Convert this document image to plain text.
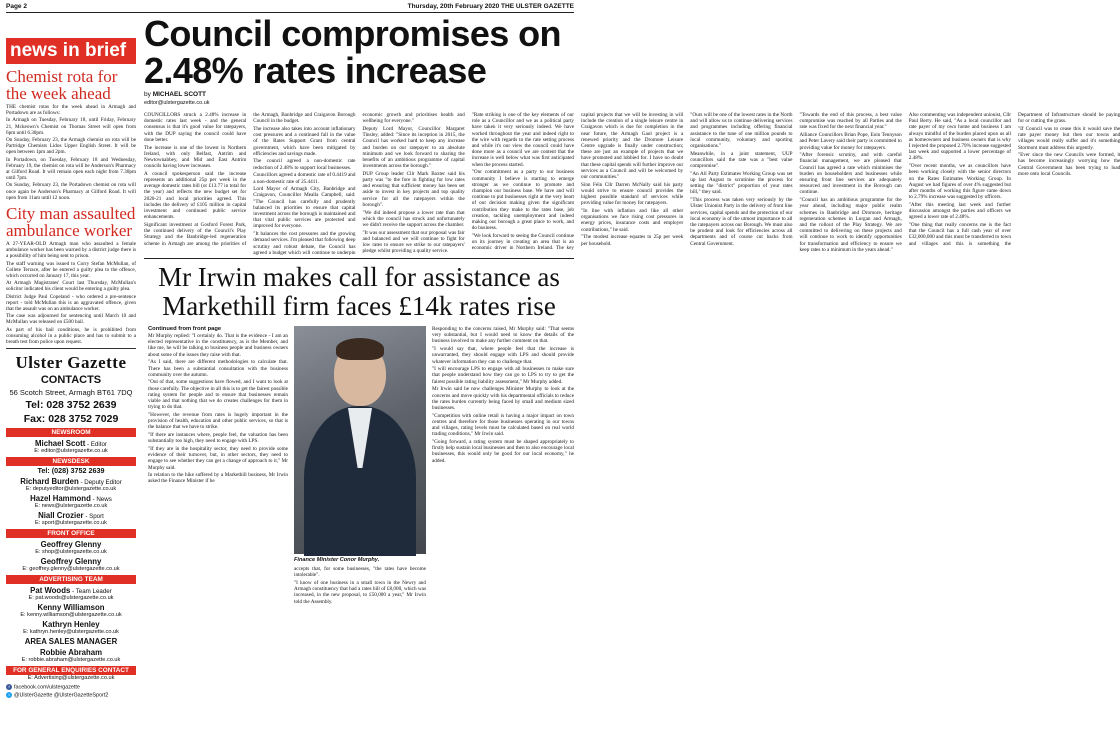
Page 2	Thursday, 20th February 2020 THE ULSTER GAZETTE
news in brief
Chemist rota for the week ahead

THE chemist rotas for the week ahead in Armagh and Portadown are as follows:

In Armagh on Tuesday, February 18, until Friday, February 21, Mckeown's Chemist on Thomas Street will open from 6pm until 6.30pm.

On Sunday, February 23, the Armagh chemist on rota will be Partridge Chemists Lidos Upper English Street. It will be open between 1pm and 2pm.

In Portadown, on Tuesday, February 18 and Wednesday, February 19, the chemist on rota will be Anderson's Pharmacy at Gilford Road. It will remain open each night from 7.30pm until 7pm.

On Sunday, February 23, the Portadown chemist on rota will once again be Anderson's Pharmacy at Gilford Road. It will open from 11am until 12 noon.

City man assaulted ambulance worker

A 27-YEAR-OLD Armagh man who assaulted a female ambulance worker has been warned by a district judge there is a possibility of him being sent to prison.

The staff warning was issued to Corry Stefan McMullan, of Collete Terrace, after he entered a guilty plea to the offence, which occurred on January 17, this year.

At Armagh Magistrates' Court last Thursday, McMullan's solicitor indicated his client would be entering a guilty plea.

District Judge Paul Copeland - who ordered a pre-sentence report - told McMullan this is an aggravated offence, given that the assault was on an ambulance worker.

The case was adjourned for sentencing until March 10 and McMullan was released on £500 bail.

As part of his bail conditions, he is prohibited from consuming alcohol in a public place and has to submit to a breath test from police upon request.

Ulster Gazette
CONTACTS
56 Scotch Street, Armagh BT61 7DQ
Tel: 028 3752 2639
Fax: 028 3752 7029
NEWSROOM
Michael Scott - Editor
E: editor@ulstergazette.co.uk
NEWSDESK
Tel: (028) 3752 2639
Richard Burden - Deputy Editor
E: deputyeditor@ulstergazette.co.uk
Hazel Hammond - News
E: news@ulstergazette.co.uk
Niall Crozier - Sport
E: sport@ulstergazette.co.uk
FRONT OFFICE
Geoffrey Glenny
E: shop@ulstergazette.co.uk
Geoffrey Glenny
E: geoffrey.glenny@ulstergazette.co.uk
ADVERTISING TEAM
Pat Woods - Team Leader
E: pat.woods@ulstergazette.co.uk
Kenny Williamson
E: kenny.williamson@ulstergazette.co.uk
Kathryn Henley
E: kathryn.henley@ulstergazette.co.uk
AREA SALES MANAGER
Robbie Abraham
E: robbie.abraham@ulstergazette.co.uk
FOR GENERAL ENQUIRIES CONTACT
E: Advertising@ulstergazette.co.uk
f facebook.com/ulstergazette
t @UlsterGazette @UlsterGazetteSport2
Council compromises on 2.48% rates increase
by MICHAEL SCOTT
editor@ulstergazette.co.uk

COUNCILLORS struck a 2.48% increase in domestic rates last week - and the general consensus is that it's good value for ratepayers, with the DUP saying the council could have done better.

The increase is one of the lowest in Northern Ireland, with only Belfast, Antrim and Newtownabbey, and Mid and East Antrim councils having lower increases.

A council spokesperson said the increase represents an additional 25p per week in the average domestic rates bill (or £13.77 in total for the year) and reflects the new budget set for 2020-21 and local priorities agreed. This includes the delivery of £105 million in capital investment and continued public service enhancements.

Significant investment at Gosford Forest Park, the continued delivery of the Council's Play Strategy and the Banbridge-led regeneration scheme in Armagh are among the priorities of the Armagh, Banbridge and Craigavon Borough Council in the budget.

The increase also takes into account inflationary cost pressures and a continued fall in the value of the Rates Support Grant from central government, which have been mitigated by efficiencies and savings made.

The council agreed a non-domestic rate reduction of 2.48% to support local businesses.

Councillors agreed a domestic rate of 0.4419 and a non-domestic rate of 25.4411.

Lord Mayor of Armagh City, Banbridge and Craigavon, Councillor Mealla Campbell, said: "The Council has carefully and prudently balanced its priorities to ensure that capital investment across the borough is maintained and that vital public services are protected and improved for everyone.

"It balances the cost pressures and the growing demand services. I'm pleased that following deep scrutiny and robust debate, the Council has agreed a budget which will continue to underpin economic growth and prioritises health and wellbeing for everyone."

Deputy Lord Mayor, Councillor Margaret Tinsley, added: "Since its inception in 2015, the Council has worked hard to keep any increase and burden on our ratepayer to an absolute minimum and we look forward to sharing the benefits of an ambitious programme of capital investments across the borough."

DUP Group leader Cllr Mark Baxter said his party was "to the fore in fighting for low rates and ensuring that sufficient money has been set aside to invest in key projects and top quality service for all the ratepayers within the borough".

"We did indeed propose a lower rate than that which the council has struck and unfortunately we didn't receive the support across the chamber.

"It was our assessment that our proposal was fair and balanced and we will continue to fight for low rates to ensure we strike to our ratepayers' pledge whilst providing a quality service.

"Rate striking is one of the key elements of our role as a Councillor and we as a political party have taken it very seriously indeed. We have worked throughout the year and indeed right to the wire with regards to the rate setting process and while it's our view the council could have done more as a council we are content that the increase is well below what was first anticipated when the process started.

"Our commitment as a party to our business community I believe is starting to emerge stronger as we continue to promote and champion our business base. We have and will continue to put businesses right at the very heart of our decision making given the significant contribution they make to the rates base, job creation, tackling unemployment and indeed making our borough a great place to work, and do business.

"We look forward to seeing the Council continue on its journey in creating an area that is an economic driver in Northern Ireland. The key capital projects that we will be investing in will include the creation of a single leisure centre in Craigavon which is due for completion in the near future, the Armagh Gaol project is a renewed priority and the Dromore Leisure Centre upgrade is finally under construction; these are just an example of projects that we have promoted and lobbied for. I have no doubt that these capital spends will further improve our services as a Council and will be welcomed by our communities."

Sinn Féin Cllr Darren McNally said his party would strive to ensure council provides the highest possible standard of services while providing value for money for ratepayers.

"In line with inflation and like all other organisations we face rising cost pressures in energy prices, insurance costs and employer contributions," he said.

"The modest increase equates to 25p per week per household.

"Ours will be one of the lowest rates in the North and will allow us to continue delivering services and programmes including offering financial assistance to the tune of one million pounds to local community, voluntary and sporting organisations."

Meanwhile, in a joint statement, UUP councillors said the rate was a "best value compromise".

"An All Party Estimates Working Group was set up last August to scrutinise the process for setting the "district" proportion of your rates bill," they said.

"This process was taken very seriously by the Ulster Unionist Party in the delivery of front line services, capital spends and the protection of our local economy is of the utmost importance to all the ratepayers across our Borough. We must also be prudent and look for efficiencies across all departments and of course cut backs from Central Government.

"Towards the end of this process, a best value compromise was reached by all Parties and the rate was fixed for the next financial year."

Alliance Councillors Brian Pope, Eoin Tennyson and Peter Lavery said their party is committed to providing value for money for ratepayers.

"After forensic scrutiny, and with careful financial management, we are pleased that Council has agreed a rate which minimises the burden on householders and businesses while ensuring front line services are adequately resourced and investment in the Borough can continue.

"Council has an ambitious programme for the year ahead, including major public realm schemes in Banbridge and Dromore, heritage regeneration schemes in Lurgan and Armagh, and the rollout of the Play Strategy. We are committed to delivering on these projects and will continue to work to identify opportunities for transformation and efficiency to ensure we keep rates to a minimum in the years ahead."

Also commenting was independent unionist, Cllr Paul Berry. He said, "As a local councillor and rate payer of my own home and business I am always mindful of the burden placed upon us all as homeowners and business owners that is why I rejected the proposed 2.79% increase suggested last week and supported a lower percentage of 2.48%.

"Over recent months, we as councillors have been working closely with the senior directors on the Rates Estimates Working Group. In August we had figures of over 4% suggested but after months of working this figure came down to 2.79% increase was suggested by officers.

"After this meeting last week and further discussion amongst the parties and officers we agreed a lower rate of 2.48%.

"One thing that really concerns me is the fact that the Council has a full cash year of over £32,000,000 and this must be transferred to town and villages and this is something the Department of Infrastructure should be paying for or cutting the grass.

"If Council was to cease this it would save the rate payer money but then our towns and villages would really suffer and it's something Stormont must address this urgently.

"Ever since the new Councils were formed, it has become increasingly worrying how the Central Government has been trying to load more onto local Councils.

Mr Irwin makes call for assistance as Markethill firm faces £14k rates rise
Continued from front page

Mr Murphy replied: "I certainly do. That is the evidence - I am an elected representative in the constituency, as is the Member, and like me, he will be talking to business people and business owners about some of the issues they raise with that.

"As I said, there are different methodologies to calculate that. There has been a substantial consultation with the business community over the autumn.

"Out of that, some suggestions have flowed, and I want to look at those carefully. The objective in all this is to get the fairest possible rating system for people and to ensure that businesses remain viable and that nothing that we do creates challenges for them in trying to do that.

"However, the revenue from rates is hugely important in the provision of health, education and other public services, so that is the balance that we have to strike.

"If there are instances where, people feel, the valuation has been substantially too high, they need to engage with LPS.

"If they are in the hospitality sector, they need to provide some evidence of their turnover, but, in other sectors, they need to engage to see whether they can get a change of approach to it," Mr Murphy said.

In relation to the hike suffered by a Markethill business, Mr Irwin asked the Finance Minister if he

Finance Minister Conor Murphy.

accepts that, for some businesses, "the rates have become intolerable".

"I know of one business in a small town in the Newry and Armagh constituency that had a rates bill of £8,000, which was increased, in the new proposal, to £50,000 a year," Mr Irwin told the Assembly.

Responding to the concerns raised, Mr Murphy said: "That seems very substantial, but I would need to know the details of the business involved to make any further comment on that.

"I would say that, where people feel that the increase is unwarranted, they should engage with LPS and should provide whatever information they can to challenge that.

"I will encourage LPS to engage with all businesses to make sure that people understand how they can go to LPS to try to get the fairest possible rating liability assessment," Mr Murphy added.

Mr Irwin said he now challenges Minister Murphy to look at the concerns and move quickly with his departmental officials to reduce the rates burden currently being faced by small and medium sized businesses.

"Competition with online retail is having a major impact on town centres and therefore for those businesses operating in our towns and villages, rating levels must be calculated based on real world trading conditions," Mr Irwin said.

"Going forward, a rating system must be shaped appropriately to firstly help sustain local businesses and then to also encourage local businesses, this would only be good for our local economy," he added.
